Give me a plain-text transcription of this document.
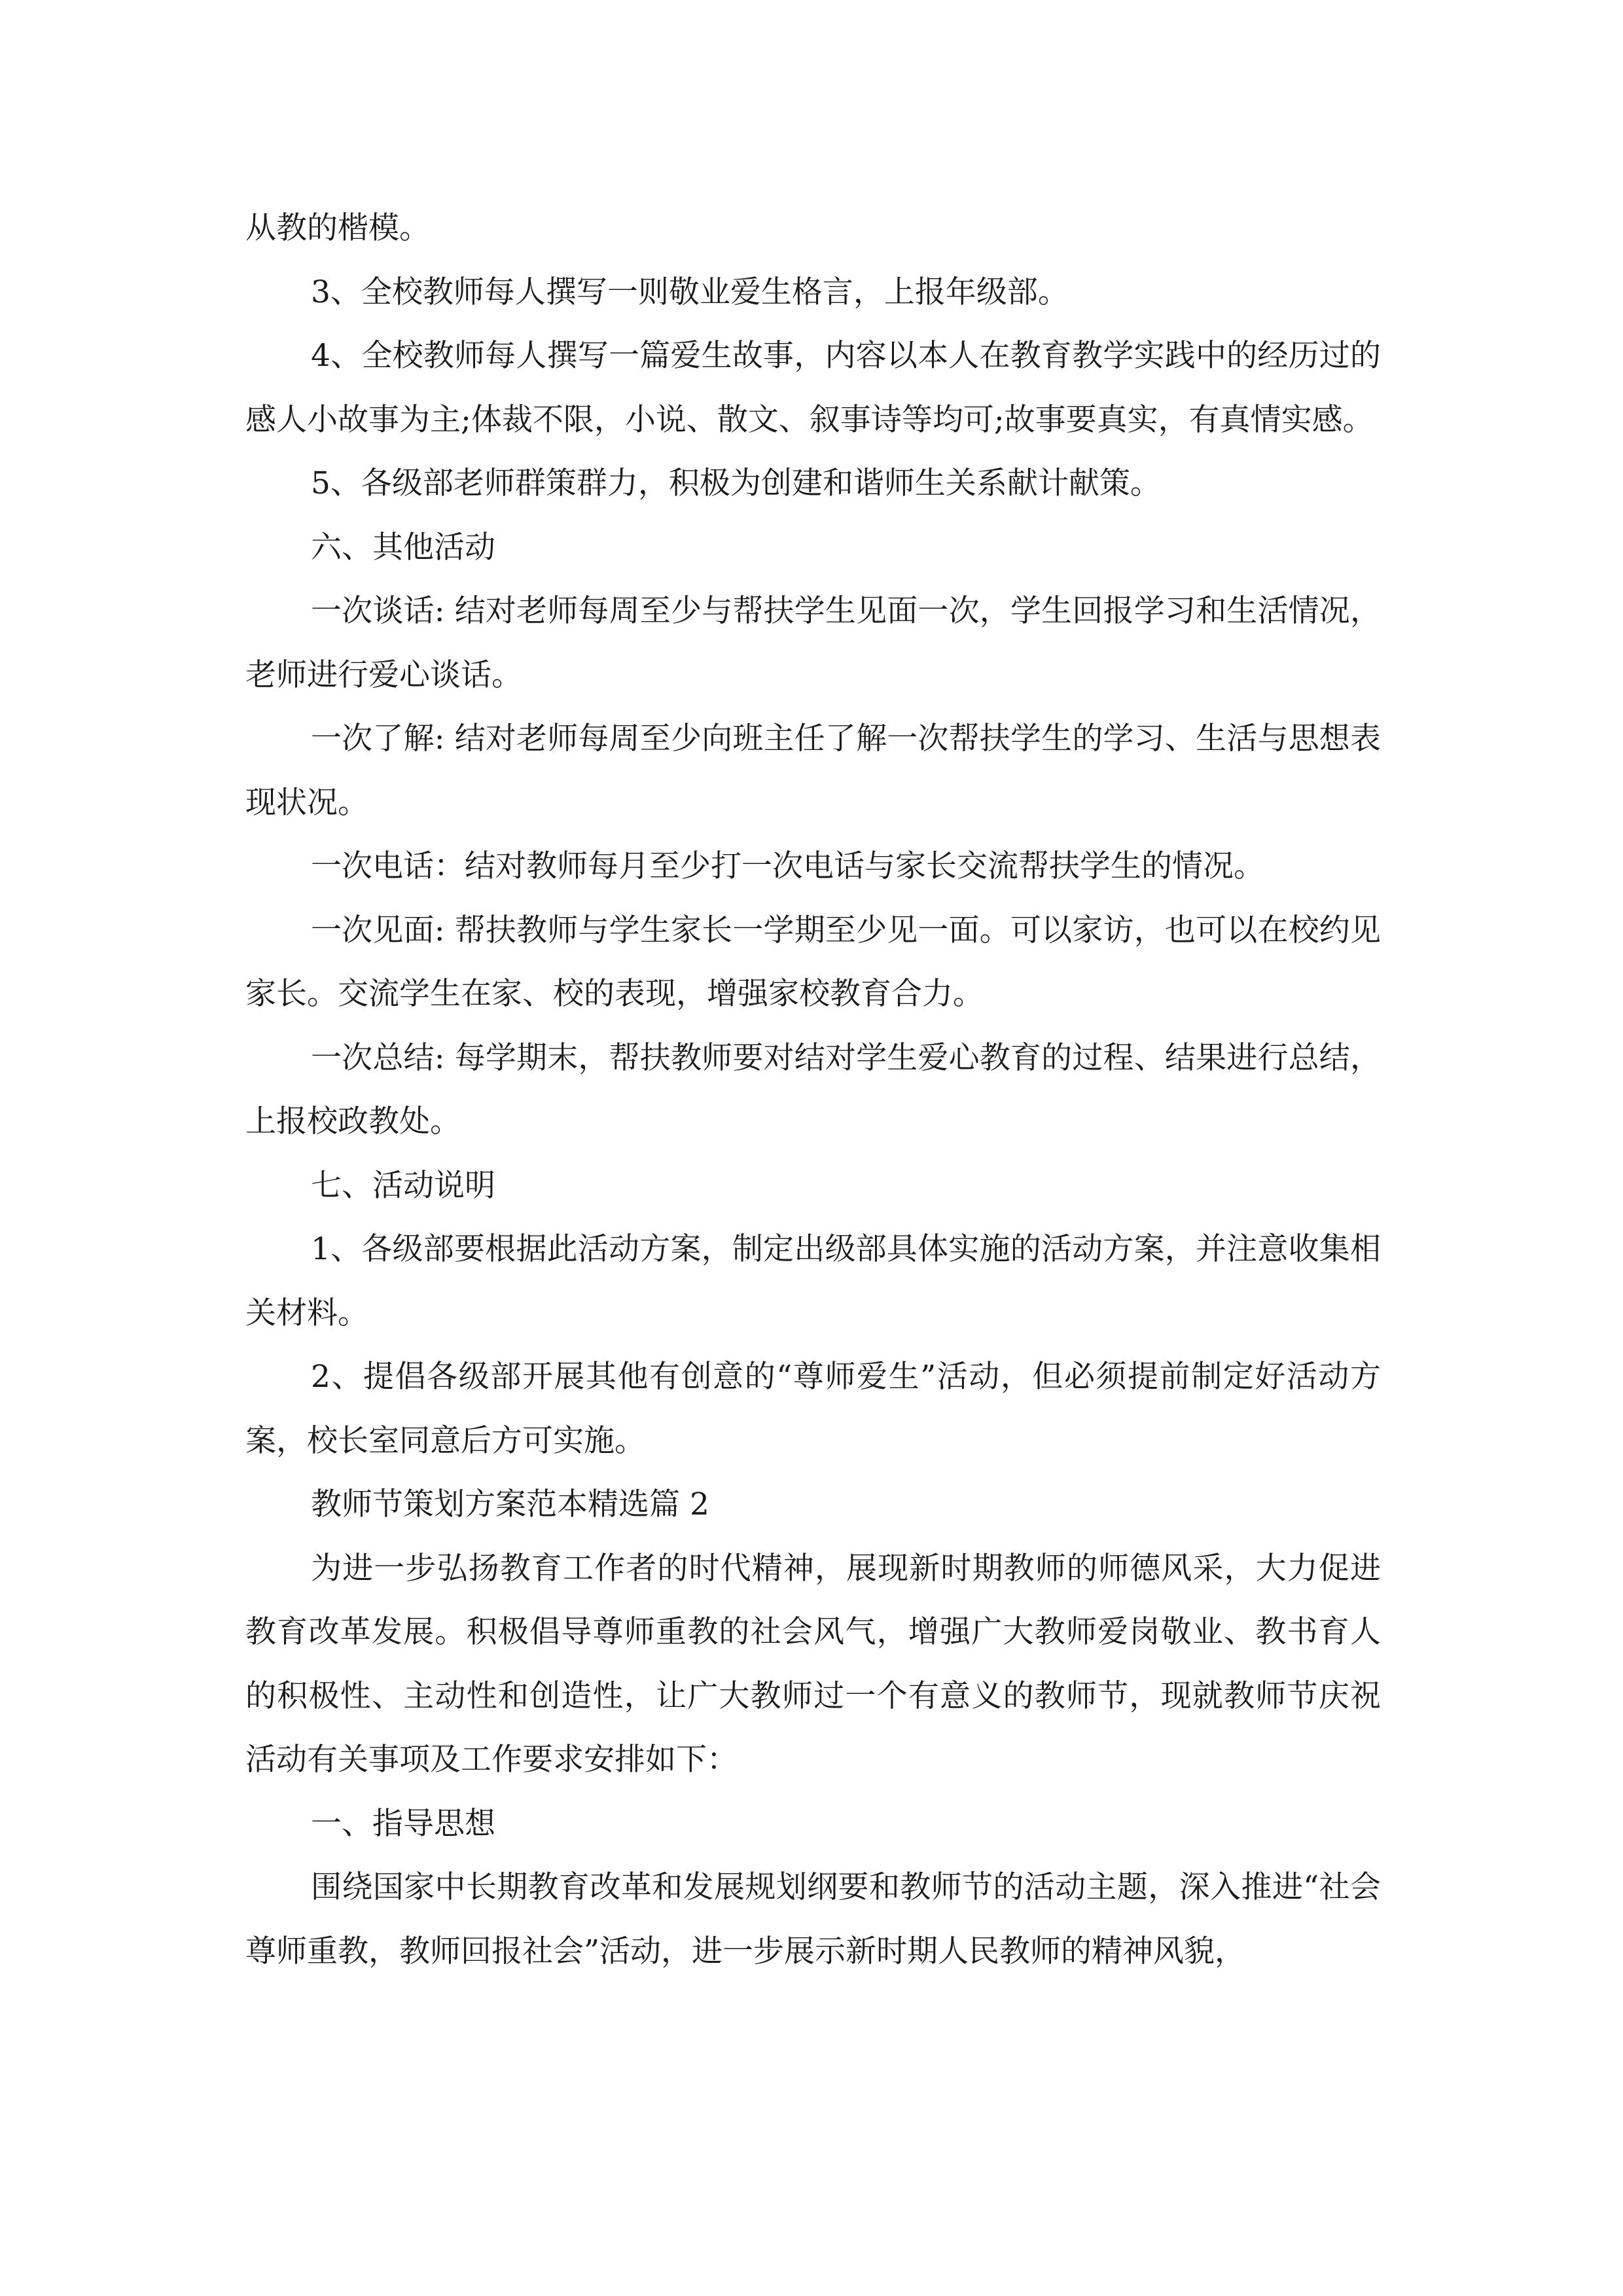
从教的楷模。

3、全校教师每人撰写一则敬业爱生格言，上报年级部。

4、全校教师每人撰写一篇爱生故事，内容以本人在教育教学实践中的经历过的感人小故事为主;体裁不限，小说、散文、叙事诗等均可;故事要真实，有真情实感。

5、各级部老师群策群力，积极为创建和谐师生关系献计献策。

六、其他活动

一次谈话: 结对老师每周至少与帮扶学生见面一次，学生回报学习和生活情况，老师进行爱心谈话。

一次了解: 结对老师每周至少向班主任了解一次帮扶学生的学习、生活与思想表现状况。

一次电话：结对教师每月至少打一次电话与家长交流帮扶学生的情况。

一次见面: 帮扶教师与学生家长一学期至少见一面。可以家访，也可以在校约见家长。交流学生在家、校的表现，增强家校教育合力。

一次总结: 每学期末，帮扶教师要对结对学生爱心教育的过程、结果进行总结，上报校政教处。

七、活动说明

1、各级部要根据此活动方案，制定出级部具体实施的活动方案，并注意收集相关材料。

2、提倡各级部开展其他有创意的“尊师爱生”活动，但必须提前制定好活动方案，校长室同意后方可实施。

教师节策划方案范本精选篇 2

为进一步弘扬教育工作者的时代精神，展现新时期教师的师德风采，大力促进教育改革发展。积极倡导尊师重教的社会风气，增强广大教师爱岗敬业、教书育人的积极性、主动性和创造性，让广大教师过一个有意义的教师节，现就教师节庆祝活动有关事项及工作要求安排如下：

一、指导思想

围绕国家中长期教育改革和发展规划纲要和教师节的活动主题，深入推进“社会尊师重教，教师回报社会”活动，进一步展示新时期人民教师的精神风貌，
